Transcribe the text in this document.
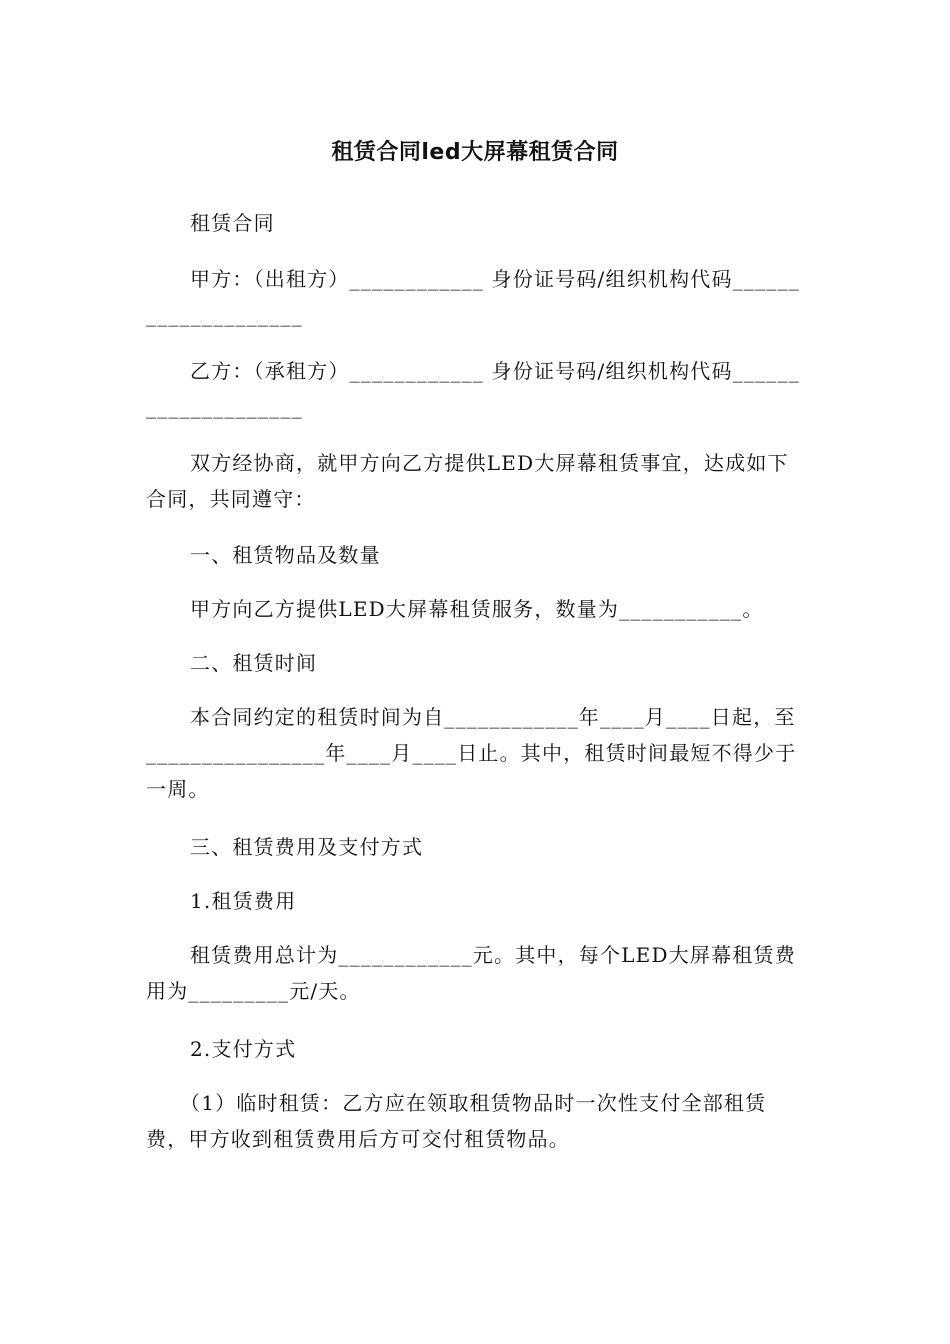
租赁合同led大屏幕租赁合同

租赁合同

甲方：（出租方）____________ 身份证号码/组织机构代码____________________

乙方：（承租方）____________ 身份证号码/组织机构代码____________________

双方经协商，就甲方向乙方提供LED大屏幕租赁事宜，达成如下合同，共同遵守：

一、租赁物品及数量

甲方向乙方提供LED大屏幕租赁服务，数量为___________。

二、租赁时间

本合同约定的租赁时间为自____________年____月____日起，至________________年____月____日止。其中，租赁时间最短不得少于一周。

三、租赁费用及支付方式

1.租赁费用

租赁费用总计为____________元。其中，每个LED大屏幕租赁费用为_________元/天。

2.支付方式

（1）临时租赁：乙方应在领取租赁物品时一次性支付全部租赁费，甲方收到租赁费用后方可交付租赁物品。
